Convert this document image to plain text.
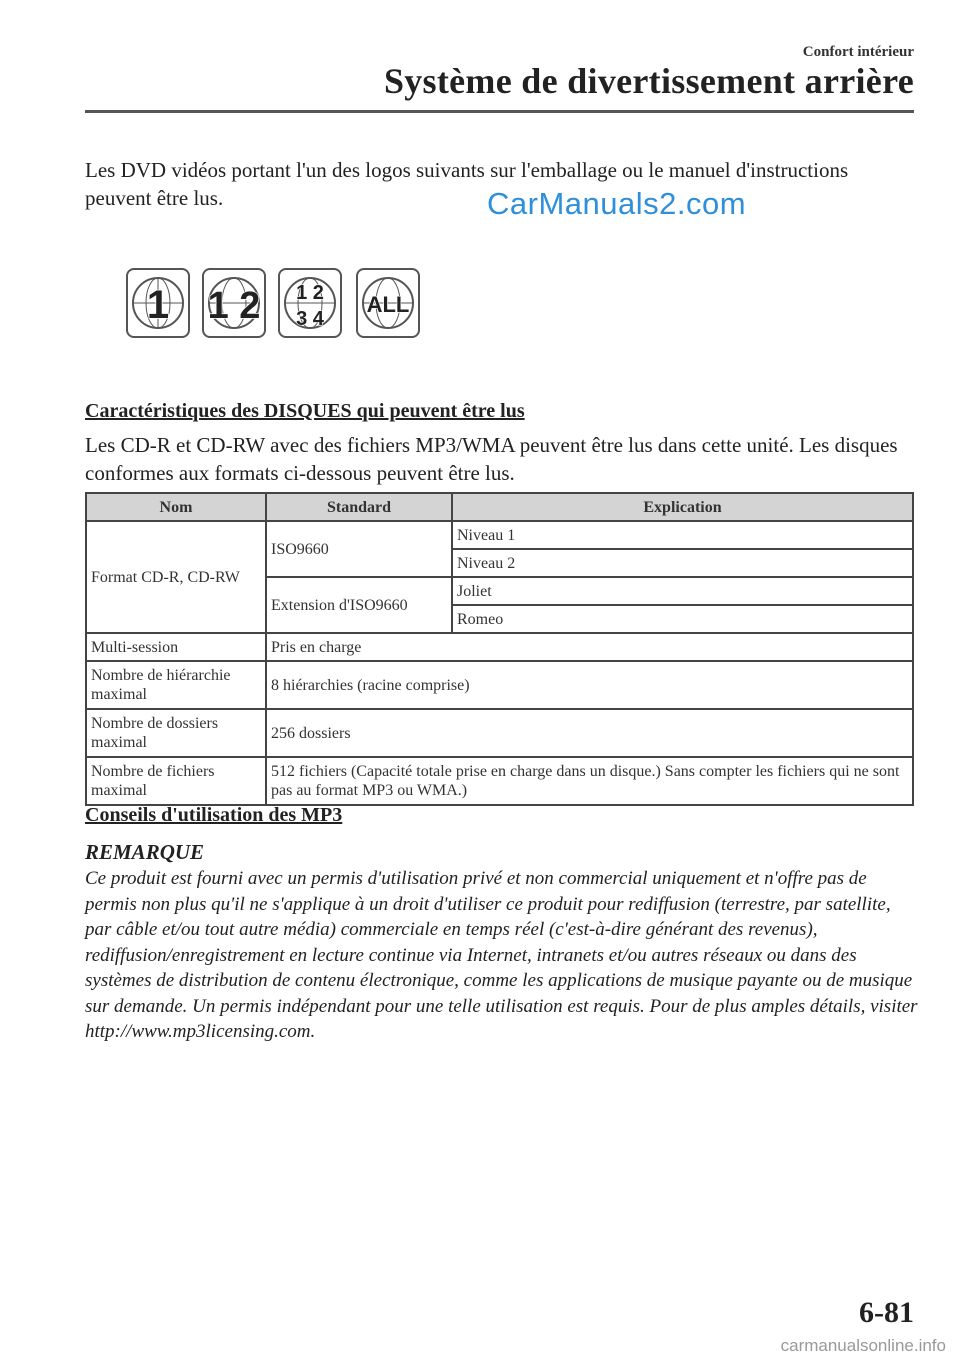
Confort intérieur
Système de divertissement arrière
Les DVD vidéos portant l'un des logos suivants sur l'emballage ou le manuel d'instructions peuvent être lus.	CarManuals2.com
1 1 2 1 2
3 4
ALL
Caractéristiques des DISQUES qui peuvent être lus
Les CD-R et CD-RW avec des fichiers MP3/WMA peuvent être lus dans cette unité. Les disques conformes aux formats ci-dessous peuvent être lus.
Nom	Standard	Explication
Format CD-R, CD-RW	ISO9660	Niveau 1
		Niveau 2
	Extension d'ISO9660	Joliet
		Romeo
Multi-session	Pris en charge	
Nombre de hiérarchie maximal	8 hiérarchies (racine comprise)	
Nombre de dossiers maximal	256 dossiers	
Nombre de fichiers maximal	512 fichiers (Capacité totale prise en charge dans un disque.) Sans compter les fichiers qui ne sont pas au format MP3 ou WMA.)	
Conseils d'utilisation des MP3
REMARQUE
Ce produit est fourni avec un permis d'utilisation privé et non commercial uniquement et n'offre pas de permis non plus qu'il ne s'applique à un droit d'utiliser ce produit pour rediffusion (terrestre, par satellite, par câble et/ou tout autre média) commerciale en temps réel (c'est-à-dire générant des revenus), rediffusion/enregistrement en lecture continue via Internet, intranets et/ou autres réseaux ou dans des systèmes de distribution de contenu électronique, comme les applications de musique payante ou de musique sur demande. Un permis indépendant pour une telle utilisation est requis. Pour de plus amples détails, visiter http://www.mp3licensing.com.
6-81
carmanualsonline.info
